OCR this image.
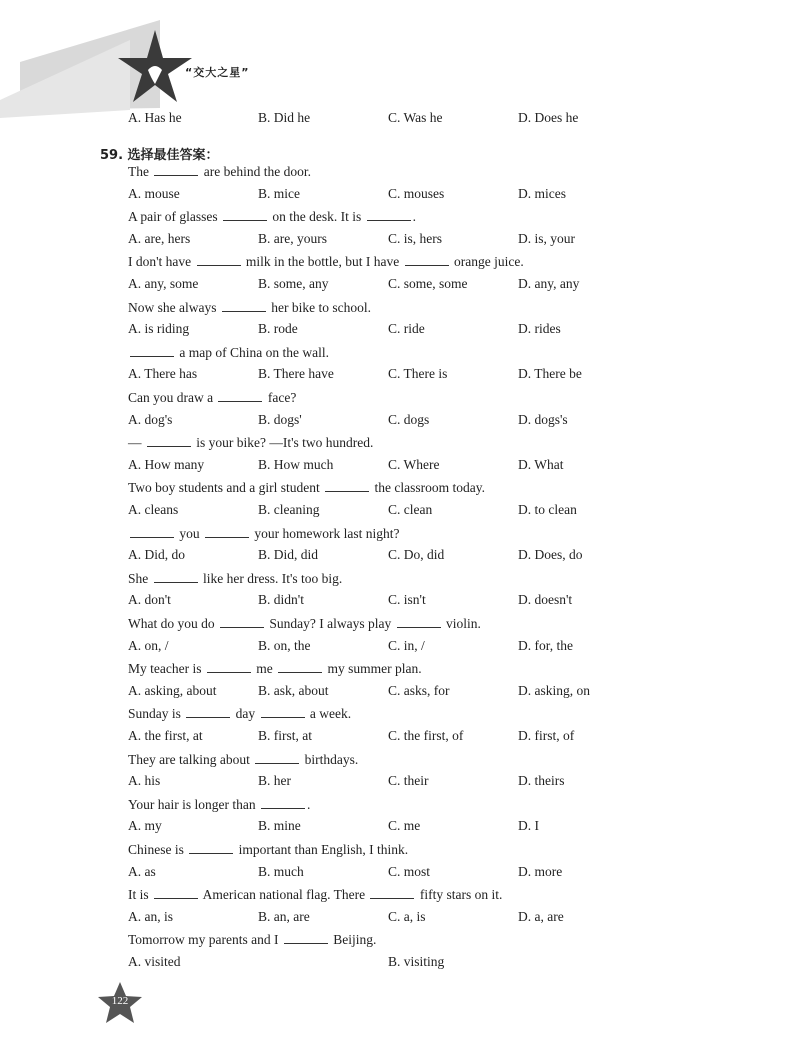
“交大之星”
A. Has he	B. Did he	C. Was he	D. Does he
59. 选择最佳答案：
The	are behind the door.
A. mouse	B. mice	C. mouses	D. mices
A pair of glasses	on the desk. It is	.
A. are, hers	B. are, yours	C. is, hers	D. is, your
I don't have	milk in the bottle, but I have	orange juice.
A. any, some	B. some, any	C. some, some	D. any, any
Now she always	her bike to school.
A. is riding	B. rode	C. ride	D. rides
a map of China on the wall.
A. There has	B. There have	C. There is	D. There be
Can you draw a	face?
A. dog's	B. dogs'	C. dogs	D. dogs's
—	is your bike? —It's two hundred.
A. How many	B. How much	C. Where	D. What
Two boy students and a girl student	the classroom today.
A. cleans	B. cleaning	C. clean	D. to clean
you	your homework last night?
A. Did, do	B. Did, did	C. Do, did	D. Does, do
She	like her dress. It's too big.
A. don't	B. didn't	C. isn't	D. doesn't
What do you do	Sunday? I always play	violin.
A. on, /	B. on, the	C. in, /	D. for, the
My teacher is	me	my summer plan.
A. asking, about	B. ask, about	C. asks, for	D. asking, on
Sunday is	day	a week.
A. the first, at	B. first, at	C. the first, of	D. first, of
They are talking about	birthdays.
A. his	B. her	C. their	D. theirs
Your hair is longer than	.
A. my	B. mine	C. me	D. I
Chinese is	important than English, I think.
A. as	B. much	C. most	D. more
It is	American national flag. There	fifty stars on it.
A. an, is	B. an, are	C. a, is	D. a, are
Tomorrow my parents and I	Beijing.
A. visited	B. visiting
122
